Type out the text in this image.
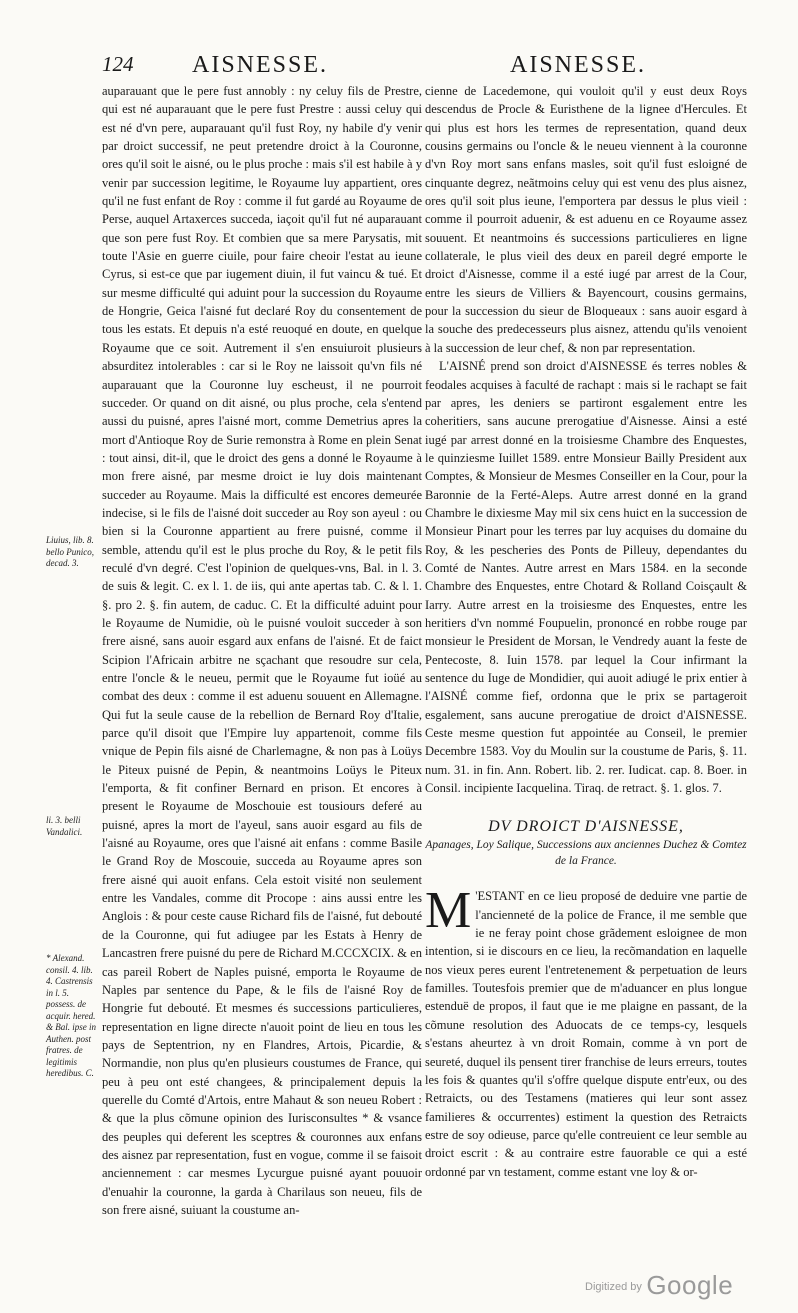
124 AISNESSE.	AISNESSE.
Liuius, lib. 8. bello Punico, decad. 3.
li. 3. belli Vandalici.
* Alexand. consil. 4. lib. 4. Castrensis in l. 5. possess. de acquir. hered. & Bal. ipse in Authen. post fratres. de legitimis heredibus. C.

auparauant que le pere fust annobly : ny celuy fils de Prestre, qui est né auparauant que le pere fust Prestre : aussi celuy qui est né d'vn pere, auparauant qu'il fust Roy, ny habile d'y venir par droict successif, ne peut pretendre droict à la Couronne, ores qu'il soit le aisné, ou le plus proche : mais s'il est habile à y venir par succession legitime, le Royaume luy appartient, ores qu'il ne fust enfant de Roy : comme il fut gardé au Royaume de Perse, auquel Artaxerces succeda, iaçoit qu'il fut né auparauant que son pere fust Roy. Et combien que sa mere Parysatis, mit toute l'Asie en guerre ciuile, pour faire cheoir l'estat au ieune Cyrus, si est-ce que par iugement diuin, il fut vaincu & tué. Et sur mesme difficulté qui aduint pour la succession du Royaume de Hongrie, Geica l'aisné fut declaré Roy du consentement de tous les estats. Et depuis n'a esté reuoqué en doute, en quelque Royaume que ce soit. Autrement il s'en ensuiuroit plusieurs absurditez intolerables : car si le Roy ne laissoit qu'vn fils né auparauant que la Couronne luy escheust, il ne pourroit succeder. Or quand on dit aisné, ou plus proche, cela s'entend aussi du puisné, apres l'aisné mort, comme Demetrius apres la mort d'Antioque Roy de Surie remonstra à Rome en plein Senat : tout ainsi, dit-il, que le droict des gens a donné le Royaume à mon frere aisné, par mesme droict ie luy dois maintenant succeder au Royaume. Mais la difficulté est encores demeurée indecise, si le fils de l'aisné doit succeder au Roy son ayeul : ou bien si la Couronne appartient au frere puisné, comme il semble, attendu qu'il est le plus proche du Roy, & le petit fils reculé d'vn degré. C'est l'opinion de quelques-vns, Bal. in l. 3. de suis & legit. C. ex l. 1. de iis, qui ante apertas tab. C. & l. 1. §. pro 2. §. fin autem, de caduc. C. Et la difficulté aduint pour le Royaume de Numidie, où le puisné vouloit succeder à son frere aisné, sans auoir esgard aux enfans de l'aisné. Et de faict Scipion l'Africain arbitre ne sçachant que resoudre sur cela, entre l'oncle & le neueu, permit que le Royaume fut ioüé au combat des deux : comme il est aduenu souuent en Allemagne. Qui fut la seule cause de la rebellion de Bernard Roy d'Italie, parce qu'il disoit que l'Empire luy appartenoit, comme fils vnique de Pepin fils aisné de Charlemagne, & non pas à Loüys le Piteux puisné de Pepin, & neantmoins Loüys le Piteux l'emporta, & fit confiner Bernard en prison. Et encores à present le Royaume de Moschouie est tousiours deferé au puisné, apres la mort de l'ayeul, sans auoir esgard au fils de l'aisné au Royaume, ores que l'aisné ait enfans : comme Basile le Grand Roy de Moscouie, succeda au Royaume apres son frere aisné qui auoit enfans. Cela estoit visité non seulement entre les Vandales, comme dit Procope : ains aussi entre les Anglois : & pour ceste cause Richard fils de l'aisné, fut debouté de la Couronne, qui fut adiugee par les Estats à Henry de Lancastren frere puisné du pere de Richard M.CCCXCIX. & en cas pareil Robert de Naples puisné, emporta le Royaume de Naples par sentence du Pape, & le fils de l'aisné Roy de Hongrie fut debouté. Et mesmes és successions particulieres, representation en ligne directe n'auoit point de lieu en tous les pays de Septentrion, ny en Flandres, Artois, Picardie, & Normandie, non plus qu'en plusieurs coustumes de France, qui peu à peu ont esté changees, & principalement depuis la querelle du Comté d'Artois, entre Mahaut & son neueu Robert : & que la plus cõmune opinion des Iurisconsultes * & vsance des peuples qui deferent les sceptres & couronnes aux enfans des aisnez par representation, fust en vogue, comme il se faisoit anciennement : car mesmes Lycurgue puisné ayant pouuoir d'enuahir la couronne, la garda à Charilaus son neueu, fils de son frere aisné, suiuant la coustume an-

cienne de Lacedemone, qui vouloit qu'il y eust deux Roys descendus de Procle & Euristhene de la lignee d'Hercules. Et qui plus est hors les termes de representation, quand deux cousins germains ou l'oncle & le neueu viennent à la couronne d'vn Roy mort sans enfans masles, soit qu'il fust esloigné de cinquante degrez, neãtmoins celuy qui est venu des plus aisnez, ores qu'il soit plus ieune, l'emportera par dessus le plus vieil : comme il pourroit aduenir, & est aduenu en ce Royaume assez souuent. Et neantmoins és successions particulieres en ligne collaterale, le plus vieil des deux en pareil degré emporte le droict d'Aisnesse, comme il a esté iugé par arrest de la Cour, entre les sieurs de Villiers & Bayencourt, cousins germains, pour la succession du sieur de Bloqueaux : sans auoir esgard à la souche des predecesseurs plus aisnez, attendu qu'ils venoient à la succession de leur chef, & non par representation.

L'AISNÉ prend son droict d'AISNESSE és terres nobles & feodales acquises à faculté de rachapt : mais si le rachapt se fait par apres, les deniers se partiront esgalement entre les coheritiers, sans aucune prerogatiue d'Aisnesse. Ainsi a esté iugé par arrest donné en la troisiesme Chambre des Enquestes, le quinziesme Iuillet 1589. entre Monsieur Bailly President aux Comptes, & Monsieur de Mesmes Conseiller en la Cour, pour la Baronnie de la Ferté-Aleps. Autre arrest donné en la grand Chambre le dixiesme May mil six cens huict en la succession de Monsieur Pinart pour les terres par luy acquises du domaine du Roy, & les pescheries des Ponts de Pilleuy, dependantes du Comté de Nantes. Autre arrest en Mars 1584. en la seconde Chambre des Enquestes, entre Chotard & Rolland Coisçault & Iarry. Autre arrest en la troisiesme des Enquestes, entre les heritiers d'vn nommé Foupuelin, prononcé en robbe rouge par monsieur le President de Morsan, le Vendredy auant la feste de Pentecoste, 8. Iuin 1578. par lequel la Cour infirmant la sentence du Iuge de Mondidier, qui auoit adiugé le prix entier à l'AISNÉ comme fief, ordonna que le prix se partageroit esgalement, sans aucune prerogatiue de droict d'AISNESSE. Ceste mesme question fut appointée au Conseil, le premier Decembre 1583. Voy du Moulin sur la coustume de Paris, §. 11. num. 31. in fin. Ann. Robert. lib. 2. rer. Iudicat. cap. 8. Boer. in Consil. incipiente Iacquelina. Tiraq. de retract. §. 1. glos. 7.

DV DROICT D'AISNESSE,
Apanages, Loy Salique, Successions aux anciennes Duchez & Comtez de la France.

M 'ESTANT en ce lieu proposé de deduire vne partie de l'ancienneté de la police de France, il me semble que ie ne feray point chose grãdement esloignee de mon intention, si ie discours en ce lieu, la recõmandation en laquelle nos vieux peres eurent l'entretenement & perpetuation de leurs familles. Toutesfois premier que de m'aduancer en plus longue estenduë de propos, il faut que ie me plaigne en passant, de la cõmune resolution des Aduocats de ce temps-cy, lesquels s'estans aheurtez à vn droit Romain, comme à vn port de seureté, duquel ils pensent tirer franchise de leurs erreurs, toutes les fois & quantes qu'il s'offre quelque dispute entr'eux, ou des Retraicts, ou des Testamens (matieres qui leur sont assez familieres & occurrentes) estiment la question des Retraicts estre de soy odieuse, parce qu'elle contreuient ce leur semble au droict escrit : & au contraire estre fauorable ce qui a esté ordonné par vn testament, comme estant vne loy & or-

$^{Digitized by}$ Google
